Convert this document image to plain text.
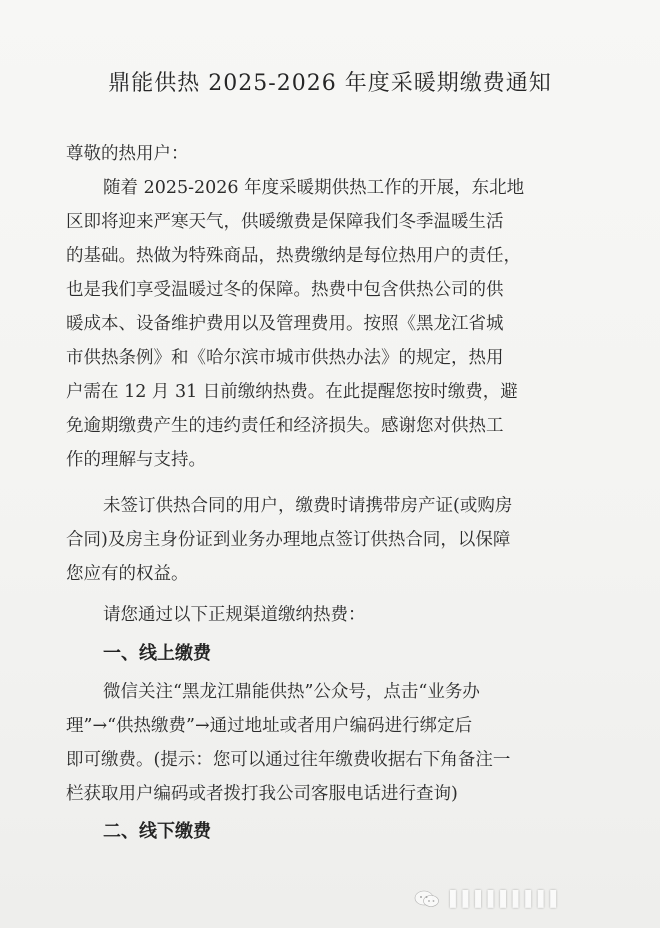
鼎能供热 2025-2026 年度采暖期缴费通知
尊敬的热用户：
随着 2025-2026 年度采暖期供热工作的开展，东北地
区即将迎来严寒天气，供暖缴费是保障我们冬季温暖生活
的基础。热做为特殊商品，热费缴纳是每位热用户的责任，
也是我们享受温暖过冬的保障。热费中包含供热公司的供
暖成本、设备维护费用以及管理费用。按照《黑龙江省城
市供热条例》和《哈尔滨市城市供热办法》的规定，热用
户需在 12 月 31 日前缴纳热费。在此提醒您按时缴费，避
免逾期缴费产生的违约责任和经济损失。感谢您对供热工
作的理解与支持。
未签订供热合同的用户，缴费时请携带房产证(或购房
合同)及房主身份证到业务办理地点签订供热合同，以保障
您应有的权益。
请您通过以下正规渠道缴纳热费：
一、线上缴费
微信关注“黑龙江鼎能供热”公众号，点击“业务办
理”→“供热缴费”→通过地址或者用户编码进行绑定后
即可缴费。(提示：您可以通过往年缴费收据右下角备注一
栏获取用户编码或者拨打我公司客服电话进行查询)
二、线下缴费
▌▌▌▌▌▌▌▌▌
